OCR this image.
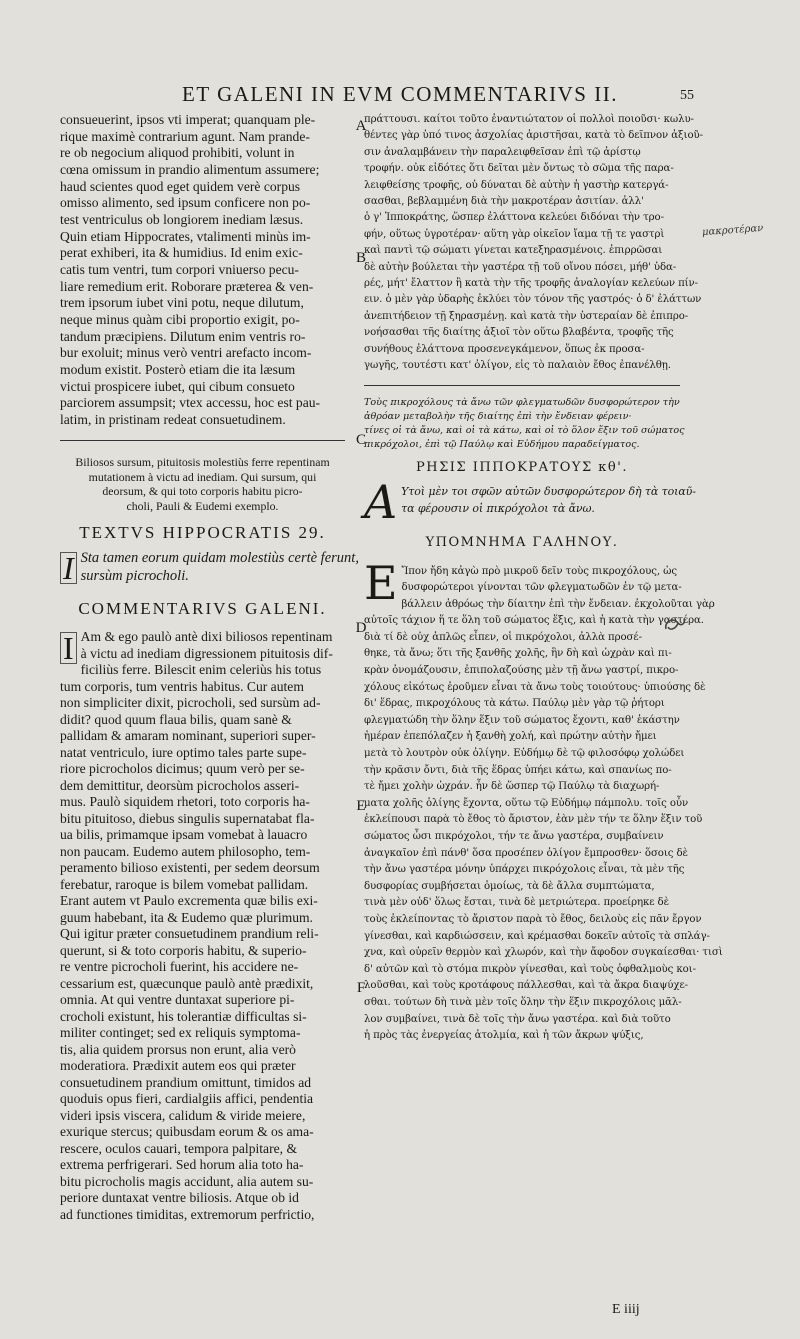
ET GALENI IN EVM COMMENTARIVS II.	55
μακροτέραν
A
B
C
D
E
F
consueuerint, ipsos vti imperat; quanquam ple-
rique maximè contrarium agunt. Nam prande-
re ob negocium aliquod prohibiti, volunt in
cœna omissum in prandio alimentum assumere;
haud scientes quod eget quidem verè corpus
omisso alimento, sed ipsum conficere non po-
test ventriculus ob longiorem inediam læsus.
Quin etiam Hippocrates, vtalimenti minùs im-
perat exhiberi, ita & humidius. Id enim exic-
catis tum ventri, tum corpori vniuerso pecu-
liare remedium erit. Roborare præterea & ven-
trem ipsorum iubet vini potu, neque dilutum,
neque minus quàm cibi proportio exigit, po-
tandum præcipiens. Dilutum enim ventris ro-
bur exoluit; minus verò ventri arefacto incom-
modum existit. Posterò etiam die ita læsum
victui prospicere iubet, qui cibum consueto
parciorem assumpsit; vtex accessu, hoc est pau-
latim, in pristinam redeat consuetudinem.
Biliosos sursum, pituitosis molestiùs ferre repentinam
mutationem à victu ad inediam. Qui sursum, qui
deorsum, & qui toto corporis habitu picro-
choli, Pauli & Eudemi exemplo.
TEXTVS HIPPOCRATIS 29.
I Sta tamen eorum quidam molestiùs certè ferunt,
sursùm picrocholi.
COMMENTARIVS GALENI.
I Am & ego paulò antè dixi biliosos repentinam
à victu ad inediam digressionem pituitosis dif-
ficiliùs ferre. Bilescit enim celeriùs his totus
tum corporis, tum ventris habitus. Cur autem
non simpliciter dixit, picrocholi, sed sursùm ad-
didit? quod quum flaua bilis, quam sanè &
pallidam & amaram nominant, superiori super-
natat ventriculo, iure optimo tales parte supe-
riore picrocholos dicimus; quum verò per se-
dem demittitur, deorsùm picrocholos asseri-
mus. Paulò siquidem rhetori, toto corporis ha-
bitu pituitoso, diebus singulis supernatabat fla-
ua bilis, primamque ipsam vomebat à lauacro
non paucam. Eudemo autem philosopho, tem-
peramento bilioso existenti, per sedem deorsum
ferebatur, raroque is bilem vomebat pallidam.
Erant autem vt Paulo excrementa quæ bilis exi-
guum habebant, ita & Eudemo quæ plurimum.
Qui igitur præter consuetudinem prandium reli-
querunt, si & toto corporis habitu, & superio-
re ventre picrocholi fuerint, his accidere ne-
cessarium est, quæcunque paulò antè prædixit,
omnia. At qui ventre duntaxat superiore pi-
crocholi existunt, his tolerantiæ difficultas si-
militer continget; sed ex reliquis symptoma-
tis, alia quidem prorsus non erunt, alia verò
moderatiora. Prædixit autem eos qui præter
consuetudinem prandium omittunt, timidos ad
quoduis opus fieri, cardialgiis affici, pendentia
videri ipsis viscera, calidum & viride meiere,
exurique stercus; quibusdam eorum & os ama-
rescere, oculos cauari, tempora palpitare, &
extrema perfrigerari. Sed horum alia toto ha-
bitu picrocholis magis accidunt, alia autem su-
periore duntaxat ventre biliosis. Atque ob id
ad functiones timiditas, extremorum perfrictio,
πράττουσι. καίτοι τοῦτο ἐναντιώτατον οἱ πολλοὶ ποιοῦσι· κωλυ-
θέντες γὰρ ὑπό τινος ἀσχολίας ἀριστῆσαι, κατὰ τὸ δεῖπνον ἀξιοῦ-
σιν ἀναλαμβάνειν τὴν παραλειφθεῖσαν ἐπὶ τῷ ἀρίστῳ
τροφήν. οὐκ εἰδότες ὅτι δεῖται μὲν ὄντως τὸ σῶμα τῆς παρα-
λειφθείσης τροφῆς, οὐ δύναται δὲ αὐτὴν ἡ γαστὴρ κατεργά-
σασθαι, βεβλαμμένη διὰ τὴν μακροτέραν ἀσιτίαν. ἀλλ'
ὁ γ' Ἱπποκράτης, ὥσπερ ἐλάττονα κελεύει διδόναι τὴν τρο-
φήν, οὕτως ὑγροτέραν· αὕτη γὰρ οἰκεῖον ἴαμα τῇ τε γαστρὶ
καὶ παντὶ τῷ σώματι γίνεται κατεξηρασμένοις. ἐπιρρῶσαι
δὲ αὐτὴν βούλεται τὴν γαστέρα τῇ τοῦ οἴνου πόσει, μήθ' ὑδα-
ρές, μήτ' ἔλαττον ἢ κατὰ τὴν τῆς τροφῆς ἀναλογίαν κελεύων πίν-
ειν. ὁ μὲν γὰρ ὑδαρὴς ἐκλύει τὸν τόνον τῆς γαστρός· ὁ δ' ἐλάττων
ἀνεπιτήδειον τῇ ξηρασμένῃ. καὶ κατὰ τὴν ὑστεραίαν δὲ ἐπιπρο-
νοήσασθαι τῆς διαίτης ἀξιοῖ τὸν οὕτω βλαβέντα, τροφῆς τῆς
συνήθους ἐλάττονα προσενεγκάμενον, ὅπως ἐκ προσα-
γωγῆς, τουτέστι κατ' ὀλίγον, εἰς τὸ παλαιὸν ἔθος ἐπανέλθῃ.
Τοὺς πικροχόλους τὰ ἄνω τῶν φλεγματωδῶν δυσφορώτερον τὴν
ἀθρόαν μεταβολὴν τῆς διαίτης ἐπὶ τὴν ἔνδειαν φέρειν·
τίνες οἱ τὰ ἄνω, καὶ οἱ τὰ κάτω, καὶ οἱ τὸ ὅλον ἕξιν τοῦ σώματος
πικρόχολοι, ἐπὶ τῷ Παύλῳ καὶ Εὐδήμου παραδείγματος.
ΡΗΣΙΣ ΙΠΠΟΚΡΑΤΟΥΣ κθ'.
Α Υτοὶ μὲν τοι σφῶν αὐτῶν δυσφορώτερον δὴ τὰ τοιαῦ-
τα φέρουσιν οἱ πικρόχολοι τὰ ἄνω.
ΥΠΟΜΝΗΜΑ ΓΑΛΗΝΟΥ.
Ε Ἴπον ἤδη κἀγὼ πρὸ μικροῦ δεῖν τοὺς πικροχόλους, ὡς
δυσφορώτεροι γίνονται τῶν φλεγματωδῶν ἐν τῷ μετα-
βάλλειν ἀθρόως τὴν δίαιτην ἐπὶ τὴν ἔνδειαν. ἐκχολοῦται γὰρ
αὐτοῖς τάχιον ἥ τε ὅλη τοῦ σώματος ἕξις, καὶ ἡ κατὰ τὴν γαστέρα.
διὰ τί δὲ οὐχ ἁπλῶς εἶπεν, οἱ πικρόχολοι, ἀλλὰ προσέ-
θηκε, τὰ ἄνω; ὅτι τῆς ξανθῆς χολῆς, ἣν δὴ καὶ ὠχρὰν καὶ πι-
κρὰν ὀνομάζουσιν, ἐπιπολαζούσης μὲν τῇ ἄνω γαστρί, πικρο-
χόλους εἰκότως ἐροῦμεν εἶναι τὰ ἄνω τοὺς τοιούτους· ὑπιούσης δὲ
δι' ἕδρας, πικροχόλους τὰ κάτω. Παύλῳ μὲν γὰρ τῷ ῥήτορι
φλεγματώδη τὴν ὅλην ἕξιν τοῦ σώματος ἔχοντι, καθ' ἑκάστην
ἡμέραν ἐπεπόλαζεν ἡ ξανθὴ χολή, καὶ πρώτην αὐτὴν ἤμει
μετὰ τὸ λουτρὸν οὐκ ὀλίγην. Εὐδήμῳ δὲ τῷ φιλοσόφῳ χολώδει
τὴν κρᾶσιν ὄντι, διὰ τῆς ἕδρας ὑπήει κάτω, καὶ σπανίως πο-
τὲ ἤμει χολὴν ὠχράν. ἦν δὲ ὥσπερ τῷ Παύλῳ τὰ διαχωρή-
ματα χολῆς ὀλίγης ἔχοντα, οὕτω τῷ Εὐδήμῳ πάμπολυ. τοῖς οὖν
ἐκλείπουσι παρὰ τὸ ἔθος τὸ ἄριστον, ἐὰν μὲν τήν τε ὅλην ἕξιν τοῦ
σώματος ὦσι πικρόχολοι, τήν τε ἄνω γαστέρα, συμβαίνειν
ἀναγκαῖον ἐπὶ πάνθ' ὅσα προσέπεν ὀλίγον ἔμπροσθεν· ὅσοις δὲ
τὴν ἄνω γαστέρα μόνην ὑπάρχει πικρόχολοις εἶναι, τὰ μὲν τῆς
δυσφορίας συμβήσεται ὁμοίως, τὰ δὲ ἄλλα συμπτώματα,
τινὰ μὲν οὐδ' ὅλως ἔσται, τινὰ δὲ μετριώτερα. προείρηκε δὲ
τοὺς ἐκλείποντας τὸ ἄριστον παρὰ τὸ ἔθος, δειλοὺς εἰς πᾶν ἔργον
γίνεσθαι, καὶ καρδιώσσειν, καὶ κρέμασθαι δοκεῖν αὐτοῖς τὰ σπλάγ-
χνα, καὶ οὐρεῖν θερμὸν καὶ χλωρόν, καὶ τὴν ἄφοδον συγκαίεσθαι· τισὶ
δ' αὐτῶν καὶ τὸ στόμα πικρὸν γίνεσθαι, καὶ τοὺς ὀφθαλμοὺς κοι-
λοῦσθαι, καὶ τοὺς κροτάφους πάλλεσθαι, καὶ τὰ ἄκρα διαψύχε-
σθαι. τούτων δὴ τινὰ μὲν τοῖς ὅλην τὴν ἕξιν πικροχόλοις μᾶλ-
λον συμβαίνει, τινὰ δὲ τοῖς τὴν ἄνω γαστέρα. καὶ διὰ τοῦτο
ἡ πρὸς τὰς ἐνεργείας ἀτολμία, καὶ ἡ τῶν ἄκρων ψύξις,
E iiij
